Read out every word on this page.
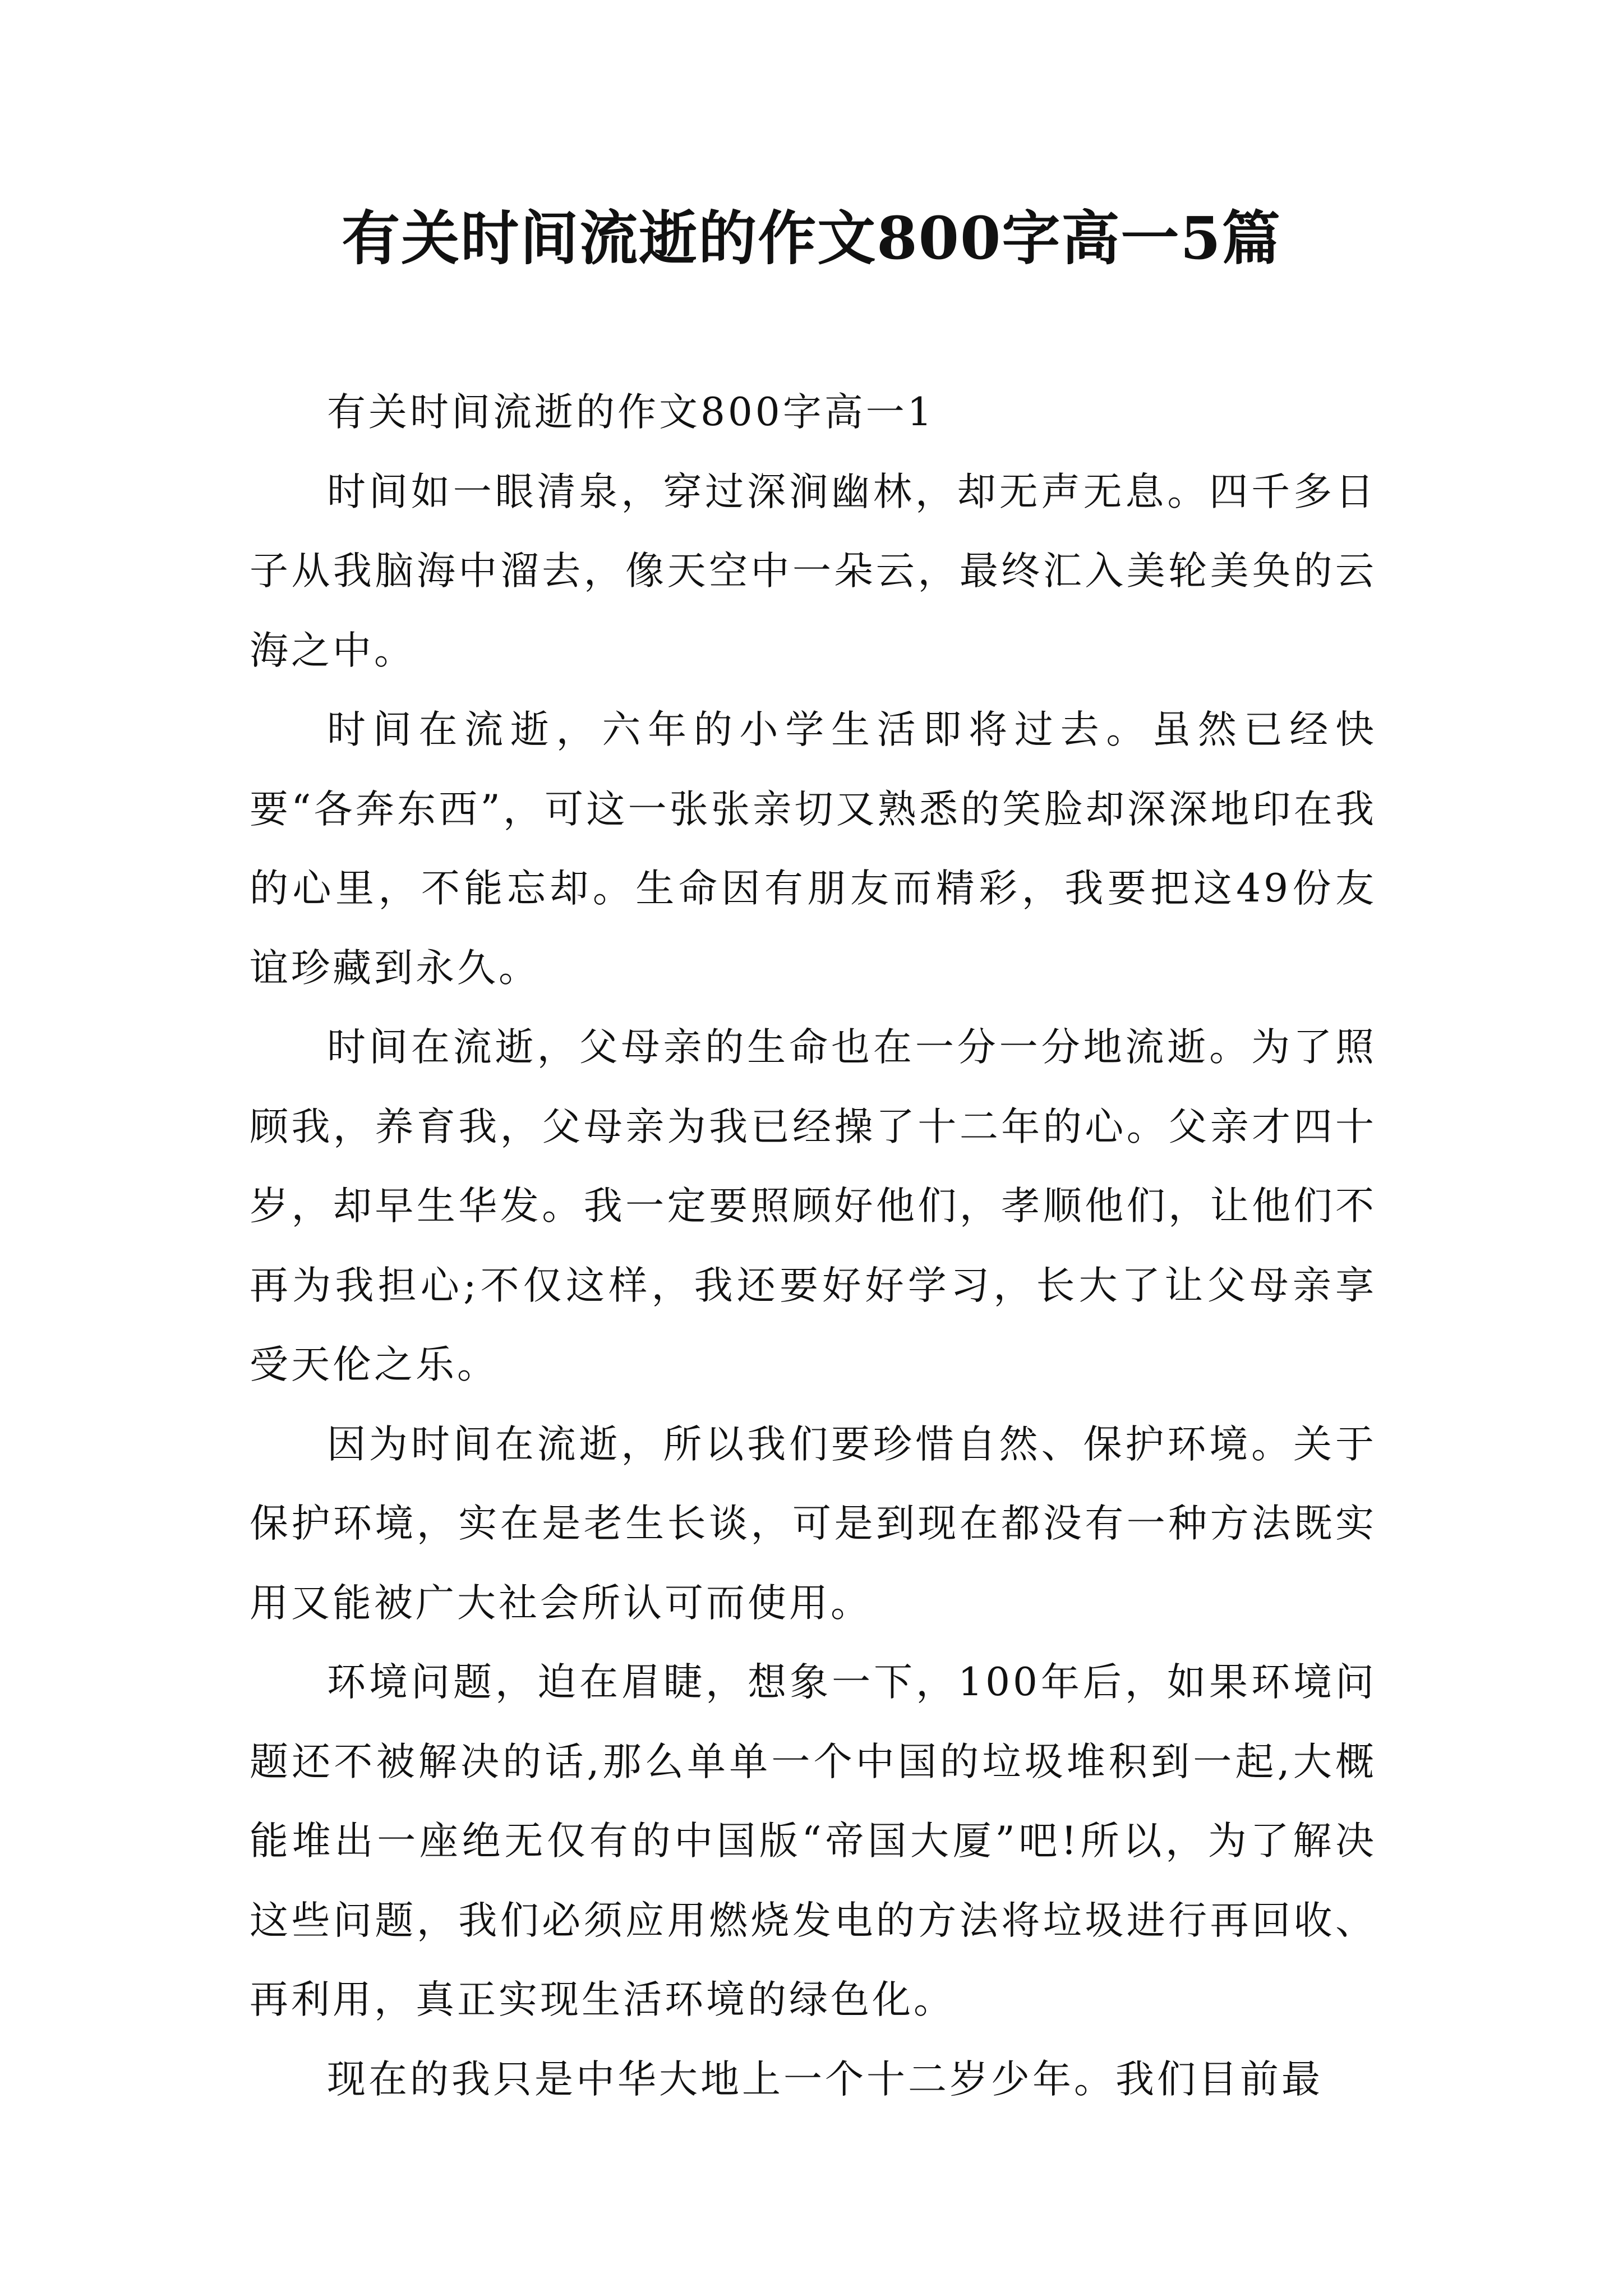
有关时间流逝的作文800字高一5篇

有关时间流逝的作文800字高一1

时间如一眼清泉，穿过深涧幽林，却无声无息。四千多日子从我脑海中溜去，像天空中一朵云，最终汇入美轮美奂的云海之中。

时间在流逝，六年的小学生活即将过去。虽然已经快要“各奔东西”，可这一张张亲切又熟悉的笑脸却深深地印在我的心里，不能忘却。生命因有朋友而精彩，我要把这49份友谊珍藏到永久。

时间在流逝，父母亲的生命也在一分一分地流逝。为了照顾我，养育我，父母亲为我已经操了十二年的心。父亲才四十岁，却早生华发。我一定要照顾好他们，孝顺他们，让他们不再为我担心;不仅这样，我还要好好学习，长大了让父母亲享受天伦之乐。

因为时间在流逝，所以我们要珍惜自然、保护环境。关于保护环境，实在是老生长谈，可是到现在都没有一种方法既实用又能被广大社会所认可而使用。

环境问题，迫在眉睫，想象一下，100年后，如果环境问题还不被解决的话,那么单单一个中国的垃圾堆积到一起,大概能堆出一座绝无仅有的中国版“帝国大厦”吧!所以，为了解决这些问题，我们必须应用燃烧发电的方法将垃圾进行再回收、再利用，真正实现生活环境的绿色化。

现在的我只是中华大地上一个十二岁少年。我们目前最
